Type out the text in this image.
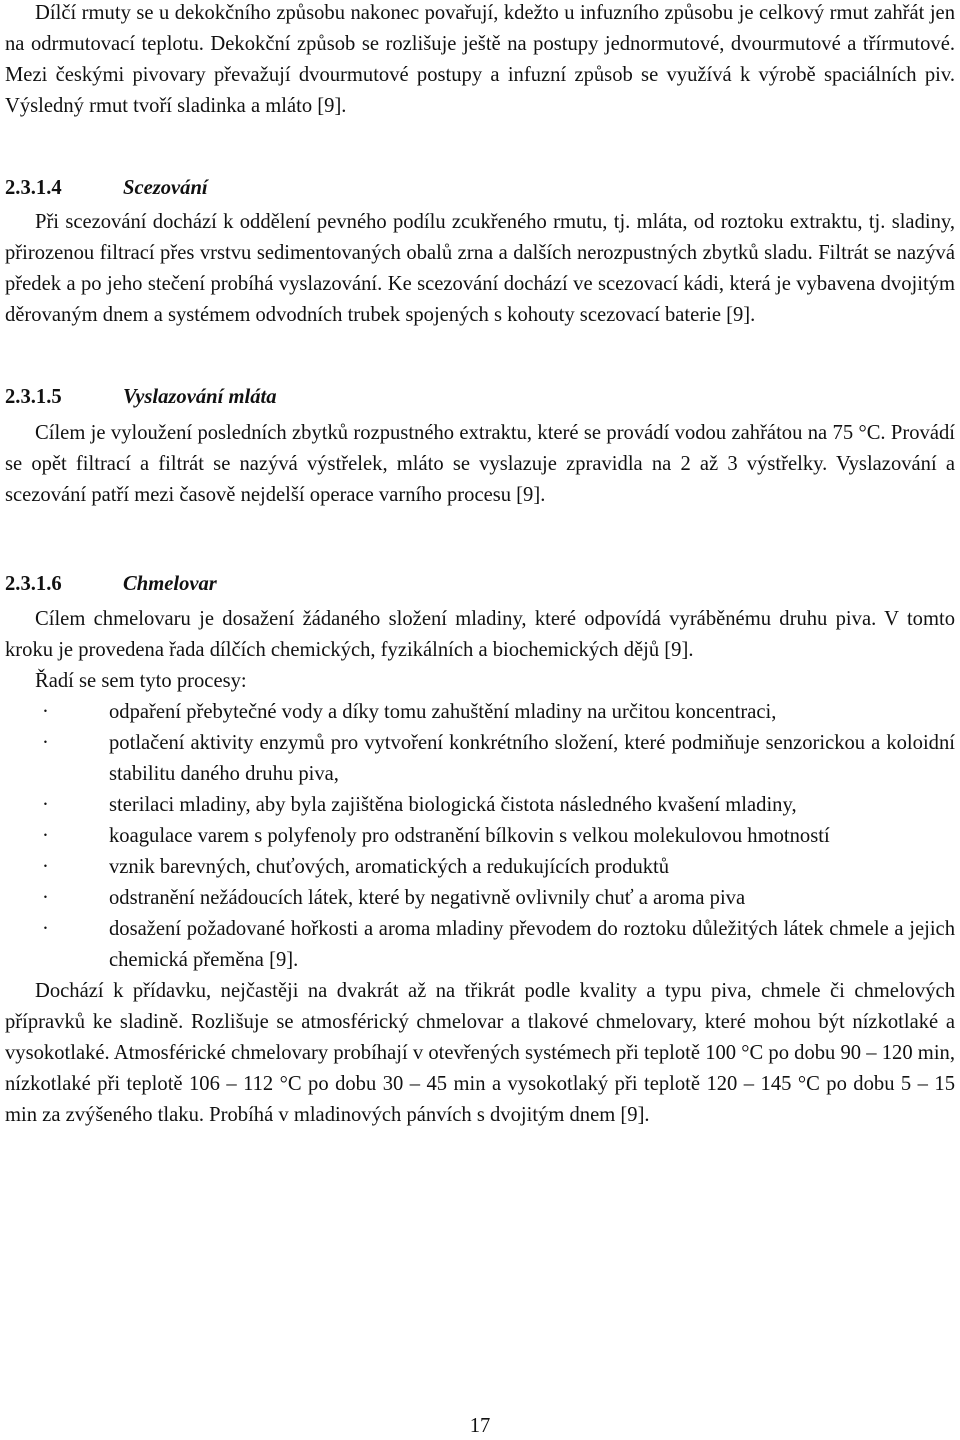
Dílčí rmuty se u dekokčního způsobu nakonec povařují, kdežto u infuzního způsobu je celkový rmut zahřát jen na odrmutovací teplotu. Dekokční způsob se rozlišuje ještě na postupy jednormutové, dvourmutové a třírmutové. Mezi českými pivovary převažují dvourmutové postupy a infuzní způsob se využívá k výrobě spaciálních piv. Výsledný rmut tvoří sladinka a mláto [9].

2.3.1.4	Scezování

Při scezování dochází k oddělení pevného podílu zcukřeného rmutu, tj. mláta, od roztoku extraktu, tj. sladiny, přirozenou filtrací přes vrstvu sedimentovaných obalů zrna a dalších nerozpustných zbytků sladu. Filtrát se nazývá předek a po jeho stečení probíhá vyslazování. Ke scezování dochází ve scezovací kádi, která je vybavena dvojitým děrovaným dnem a systémem odvodních trubek spojených s kohouty scezovací baterie [9].

2.3.1.5	Vyslazování mláta

Cílem je vyloužení posledních zbytků rozpustného extraktu, které se provádí vodou zahřátou na 75 °C. Provádí se opět filtrací a filtrát se nazývá výstřelek, mláto se vyslazuje zpravidla na 2 až 3 výstřelky. Vyslazování a scezování patří mezi časově nejdelší operace varního procesu [9].

2.3.1.6	Chmelovar

Cílem chmelovaru je dosažení žádaného složení mladiny, které odpovídá vyráběnému druhu piva. V tomto kroku je provedena řada dílčích chemických, fyzikálních a biochemických dějů [9].

Řadí se sem tyto procesy:

·	odpaření přebytečné vody a díky tomu zahuštění mladiny na určitou koncentraci,
·	potlačení aktivity enzymů pro vytvoření konkrétního složení, které podmiňuje senzorickou a koloidní stabilitu daného druhu piva,
·	sterilaci mladiny, aby byla zajištěna biologická čistota následného kvašení mladiny,
·	koagulace varem s polyfenoly pro odstranění bílkovin s velkou molekulovou hmotností
·	vznik barevných, chuťových, aromatických a redukujících produktů
·	odstranění nežádoucích látek, které by negativně ovlivnily chuť a aroma piva
·	dosažení požadované hořkosti a aroma mladiny převodem do roztoku důležitých látek chmele a jejich chemická přeměna [9].

Dochází k přídavku, nejčastěji na dvakrát až na třikrát podle kvality a typu piva, chmele či chmelových přípravků ke sladině. Rozlišuje se atmosférický chmelovar a tlakové chmelovary, které mohou být nízkotlaké a vysokotlaké. Atmosférické chmelovary probíhají v otevřených systémech při teplotě 100 °C po dobu 90 – 120 min, nízkotlaké při teplotě 106 – 112 °C po dobu 30 – 45 min a vysokotlaký při teplotě 120 – 145 °C po dobu 5 – 15 min za zvýšeného tlaku. Probíhá v mladinových pánvích s dvojitým dnem [9].

17
